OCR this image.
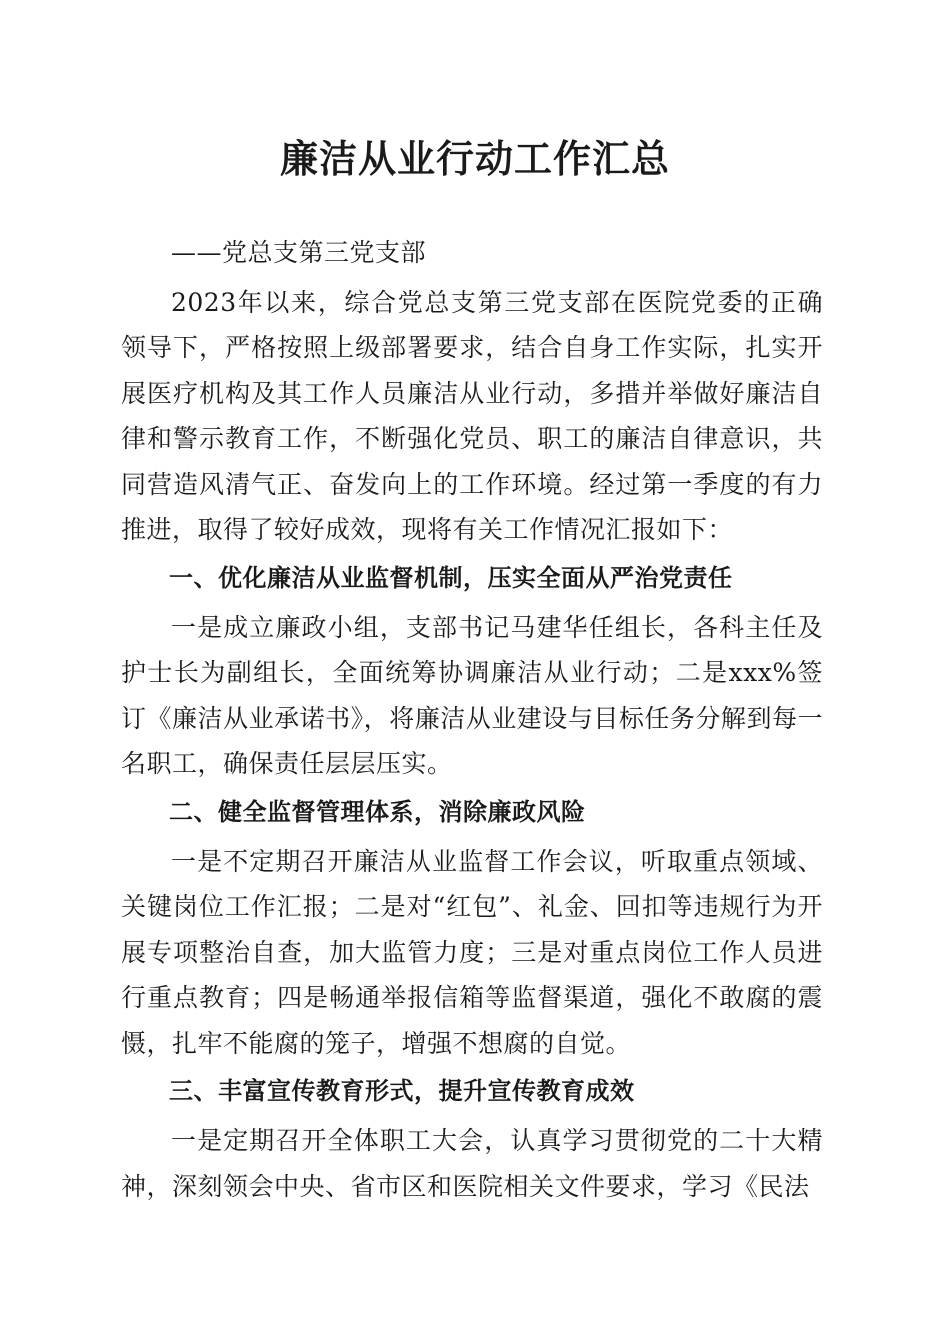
廉洁从业行动工作汇总

——党总支第三党支部

2023年以来，综合党总支第三党支部在医院党委的正确领导下，严格按照上级部署要求，结合自身工作实际，扎实开展医疗机构及其工作人员廉洁从业行动，多措并举做好廉洁自律和警示教育工作，不断强化党员、职工的廉洁自律意识，共同营造风清气正、奋发向上的工作环境。经过第一季度的有力推进，取得了较好成效，现将有关工作情况汇报如下：

一、优化廉洁从业监督机制，压实全面从严治党责任

一是成立廉政小组，支部书记马建华任组长，各科主任及护士长为副组长，全面统筹协调廉洁从业行动；二是xxx%签订《廉洁从业承诺书》，将廉洁从业建设与目标任务分解到每一名职工，确保责任层层压实。

二、健全监督管理体系，消除廉政风险

一是不定期召开廉洁从业监督工作会议，听取重点领域、关键岗位工作汇报；二是对“红包”、礼金、回扣等违规行为开展专项整治自查，加大监管力度；三是对重点岗位工作人员进行重点教育；四是畅通举报信箱等监督渠道，强化不敢腐的震慑，扎牢不能腐的笼子，增强不想腐的自觉。

三、丰富宣传教育形式，提升宣传教育成效

一是定期召开全体职工大会，认真学习贯彻党的二十大精神，深刻领会中央、省市区和医院相关文件要求，学习《民法
